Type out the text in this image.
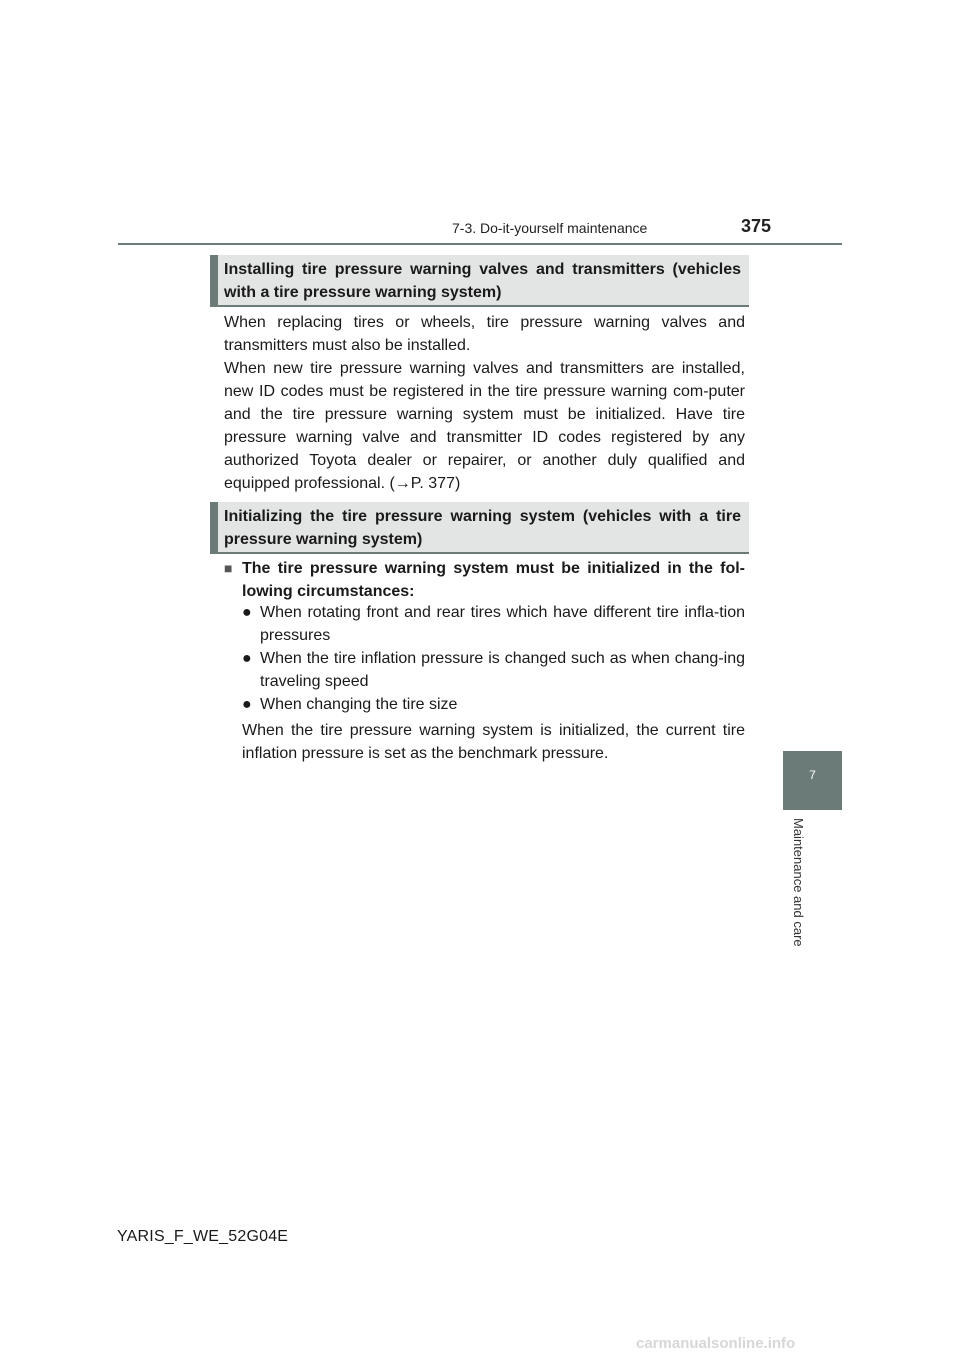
7-3. Do-it-yourself maintenance	375
7
Maintenance and care
Installing tire pressure warning valves and transmitters (vehicles with a tire pressure warning system)

When replacing tires or wheels, tire pressure warning valves and transmitters must also be installed.

When new tire pressure warning valves and transmitters are installed, new ID codes must be registered in the tire pressure warning com-puter and the tire pressure warning system must be initialized. Have tire pressure warning valve and transmitter ID codes registered by any authorized Toyota dealer or repairer, or another duly qualified and equipped professional. (→P. 377)

Initializing the tire pressure warning system (vehicles with a tire pressure warning system)
■ The tire pressure warning system must be initialized in the fol-lowing circumstances:
● When rotating front and rear tires which have different tire infla-tion pressures
● When the tire inflation pressure is changed such as when chang-ing traveling speed
● When changing the tire size

When the tire pressure warning system is initialized, the current tire inflation pressure is set as the benchmark pressure.

YARIS_F_WE_52G04E
carmanualsonline.info
